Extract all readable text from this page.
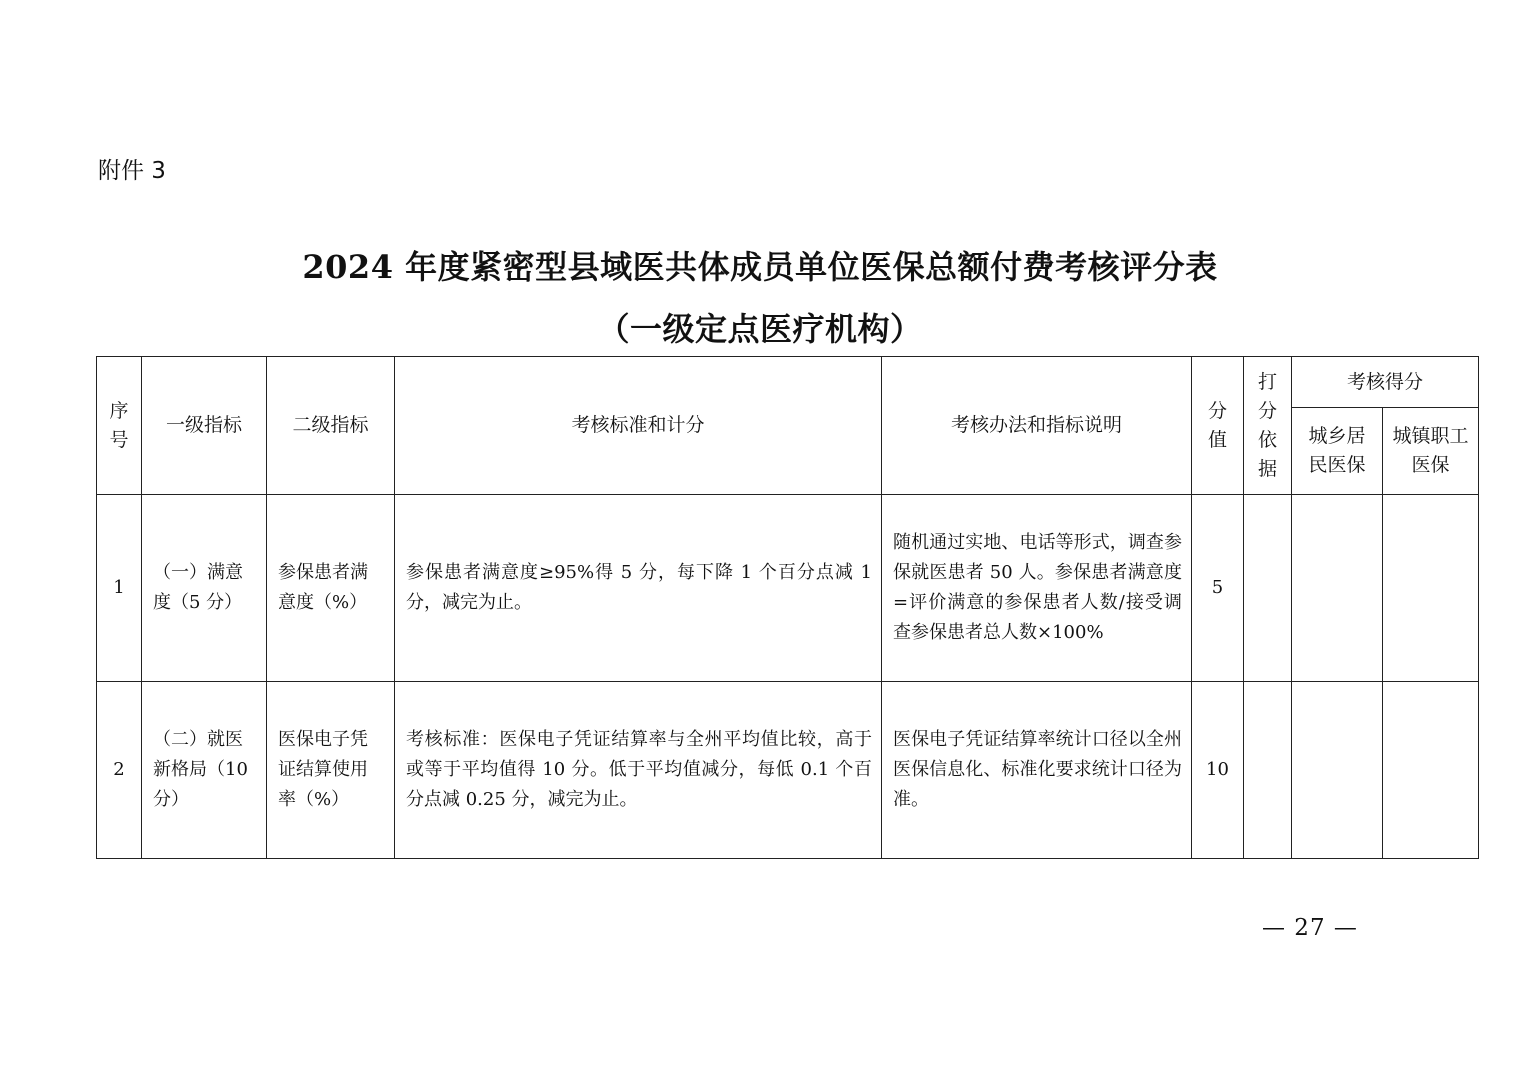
附件 3
2024 年度紧密型县域医共体成员单位医保总额付费考核评分表
（一级定点医疗机构）
序号	一级指标	二级指标	考核标准和计分	考核办法和指标说明	分值	打分依据	考核得分	
							城乡居民医保	城镇职工医保
1	（一）满意度（5 分）	参保患者满意度（%）	参保患者满意度≥95%得 5 分，每下降 1 个百分点减 1 分，减完为止。	随机通过实地、电话等形式，调查参保就医患者 50 人。参保患者满意度=评价满意的参保患者人数/接受调查参保患者总人数×100%	5			
2	（二）就医新格局（10 分）	医保电子凭证结算使用率（%）	考核标准：医保电子凭证结算率与全州平均值比较，高于或等于平均值得 10 分。低于平均值减分，每低 0.1 个百分点减 0.25 分，减完为止。	医保电子凭证结算率统计口径以全州医保信息化、标准化要求统计口径为准。	10			
— 27 —
